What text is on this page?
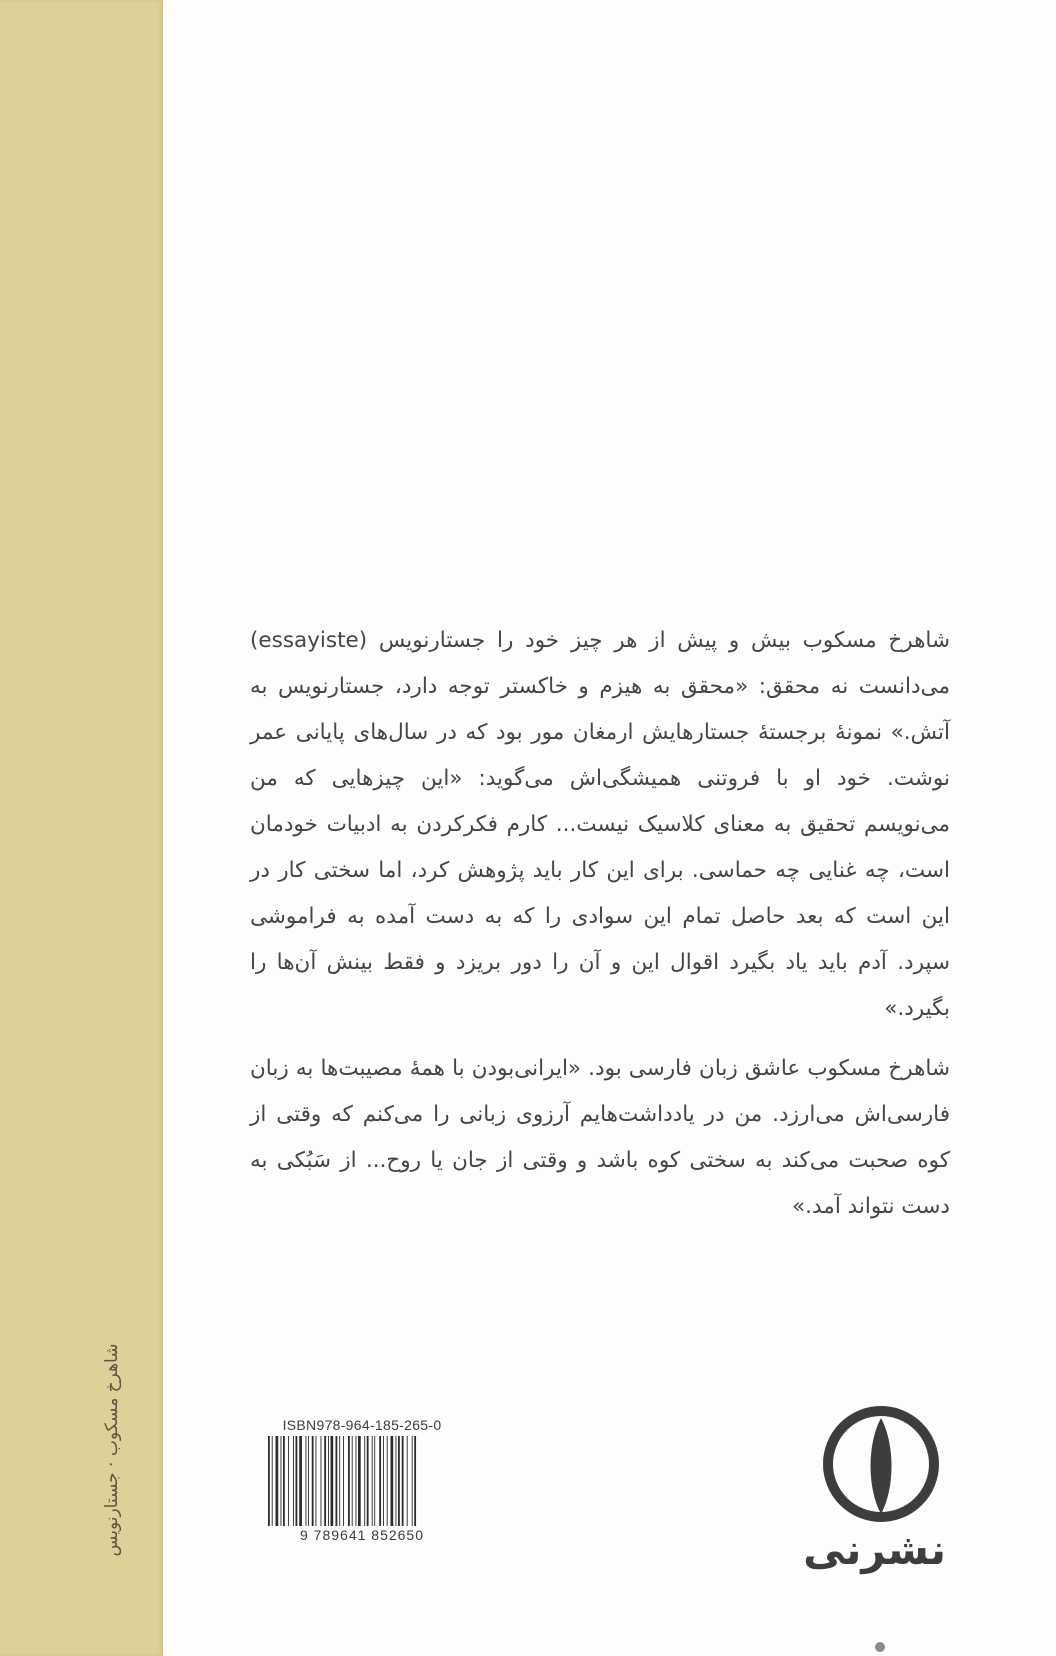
شاهرخ مسکوب · جستارنویس

شاهرخ مسکوب بیش و پیش از هر چیز خود را جستارنویس (essayiste) می‌دانست نه محقق: «محقق به هیزم و خاکستر توجه دارد، جستارنویس به آتش.» نمونهٔ برجستهٔ جستارهایش ارمغان مور بود که در سال‌های پایانی عمر نوشت. خود او با فروتنی همیشگی‌اش می‌گوید: «این چیزهایی که من می‌نویسم تحقیق به معنای کلاسیک نیست... کارم فکرکردن به ادبیات خودمان است، چه غنایی چه حماسی. برای این کار باید پژوهش کرد، اما سختی کار در این است که بعد حاصل تمام این سوادی را که به دست آمده به فراموشی سپرد. آدم باید یاد بگیرد اقوال این و آن را دور بریزد و فقط بینش آن‌ها را بگیرد.»

شاهرخ مسکوب عاشق زبان فارسی بود. «ایرانی‌بودن با همهٔ مصیبت‌ها به زبان فارسی‌اش می‌ارزد. من در یادداشت‌هایم آرزوی زبانی را می‌کنم که وقتی از کوه صحبت می‌کند به سختی کوه باشد و وقتی از جان یا روح... از سَبُکی به دست نتواند آمد.»

ISBN978-964-185-265-0
9 789641 852650	نشرنی
